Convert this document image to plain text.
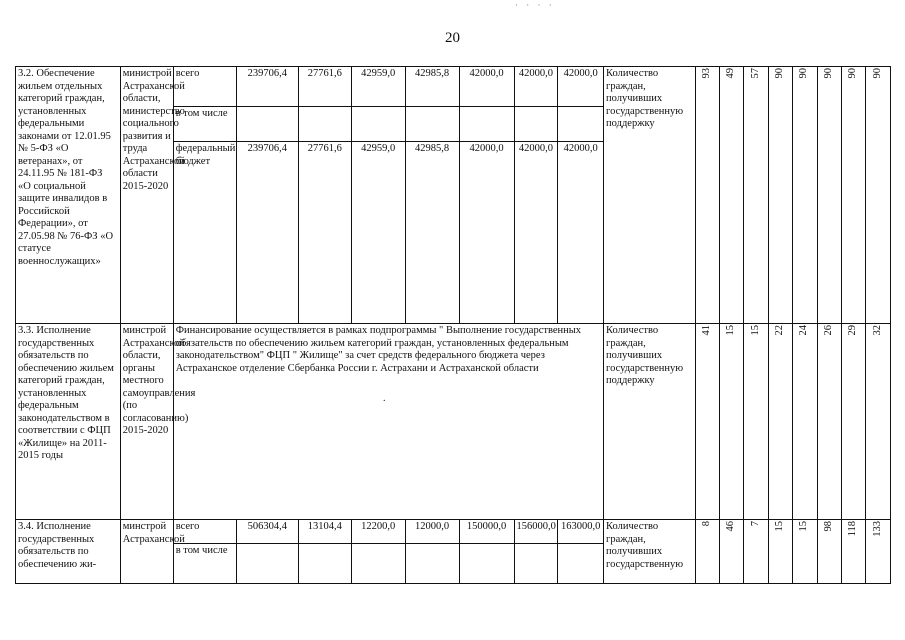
· · · ·
20
.
3.2. Обеспечение жильем отдельных категорий граждан, установленных федеральными законами от 12.01.95 № 5-ФЗ «О ветеранах», от 24.11.95 № 181-ФЗ «О социальной защите инвалидов в Российской Федерации», от 27.05.98 № 76-ФЗ «О статусе военнослужащих»	министрой Астраханской области, министерство социального развития и труда Астраханской области 2015-2020	всего	239706,4	27761,6	42959,0	42985,8	42000,0	42000,0	42000,0	Количество граждан, получивших государственную поддержку	93	49	57	90	90	90	90	90

		в том числе																
		федеральный бюджет	239706,4	27761,6	42959,0	42985,8	42000,0	42000,0	42000,0									
3.3. Исполнение государственных обязательств по обеспечению жильем категорий граждан, установленных федеральным законодательством в соответствии с ФЦП «Жилище» на 2011-2015 годы	минстрой Астраханской области, органы местного самоуправления (по согласованию) 2015-2020	Финансирование осуществляется в рамках подпрограммы " Выполнение государственных обязательств по обеспечению жильем категорий граждан, установленных федеральным законодательством" ФЦП " Жилище" за счет средств федерального бюджета через Астраханское отделение Сбербанка России г. Астрахани и Астраханской области								Количество граждан, получивших государственную поддержку	41	15	15	22	24	26	29	32

3.4. Исполнение государственных обязательств по обеспечению жи-	минстрой Астраханской	всего	506304,4	13104,4	12200,0	12000,0	150000,0	156000,0	163000,0	Количество граждан, получивших государственную	8	46	7	15	15	98	118	133

		в том числе																
